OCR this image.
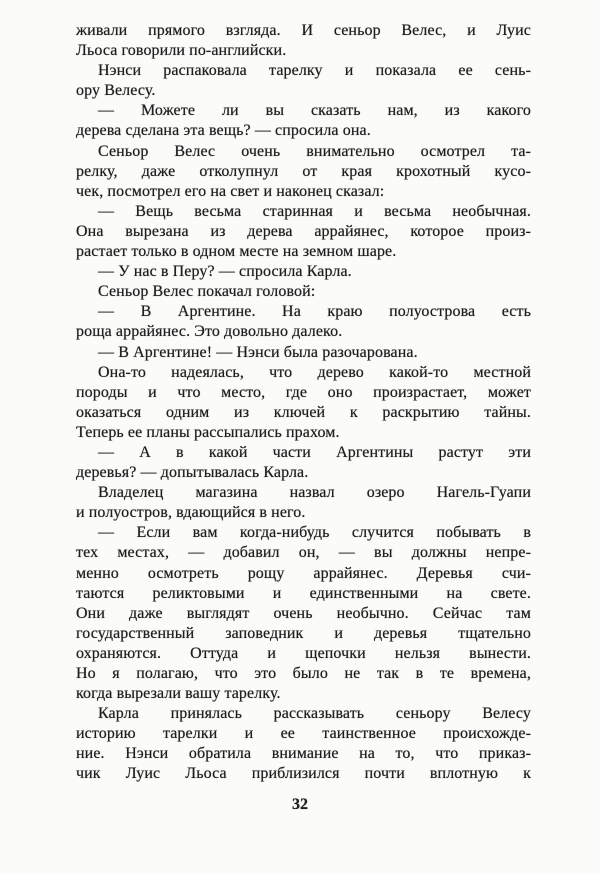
живали прямого взгляда. И сеньор Велес, и Луис
Льоса говорили по-английски.
Нэнси распаковала тарелку и показала ее сень-
ору Велесу.
— Можете ли вы сказать нам, из какого
дерева сделана эта вещь? — спросила она.
Сеньор Велес очень внимательно осмотрел та-
релку, даже отколупнул от края крохотный кусо-
чек, посмотрел его на свет и наконец сказал:
— Вещь весьма старинная и весьма необычная.
Она вырезана из дерева аррайянес, которое произ-
растает только в одном месте на земном шаре.
— У нас в Перу? — спросила Карла.
Сеньор Велес покачал головой:
— В Аргентине. На краю полуострова есть
роща аррайянес. Это довольно далеко.
— В Аргентине! — Нэнси была разочарована.
Она-то надеялась, что дерево какой-то местной
породы и что место, где оно произрастает, может
оказаться одним из ключей к раскрытию тайны.
Теперь ее планы рассыпались прахом.
— А в какой части Аргентины растут эти
деревья? — допытывалась Карла.
Владелец магазина назвал озеро Нагель-Гуапи
и полуостров, вдающийся в него.
— Если вам когда-нибудь случится побывать в
тех местах, — добавил он, — вы должны непре-
менно осмотреть рощу аррайянес. Деревья счи-
таются реликтовыми и единственными на свете.
Они даже выглядят очень необычно. Сейчас там
государственный заповедник и деревья тщательно
охраняются. Оттуда и щепочки нельзя вынести.
Но я полагаю, что это было не так в те времена,
когда вырезали вашу тарелку.
Карла принялась рассказывать сеньору Велесу
историю тарелки и ее таинственное происхожде-
ние. Нэнси обратила внимание на то, что приказ-
чик Луис Льоса приблизился почти вплотную к
32
